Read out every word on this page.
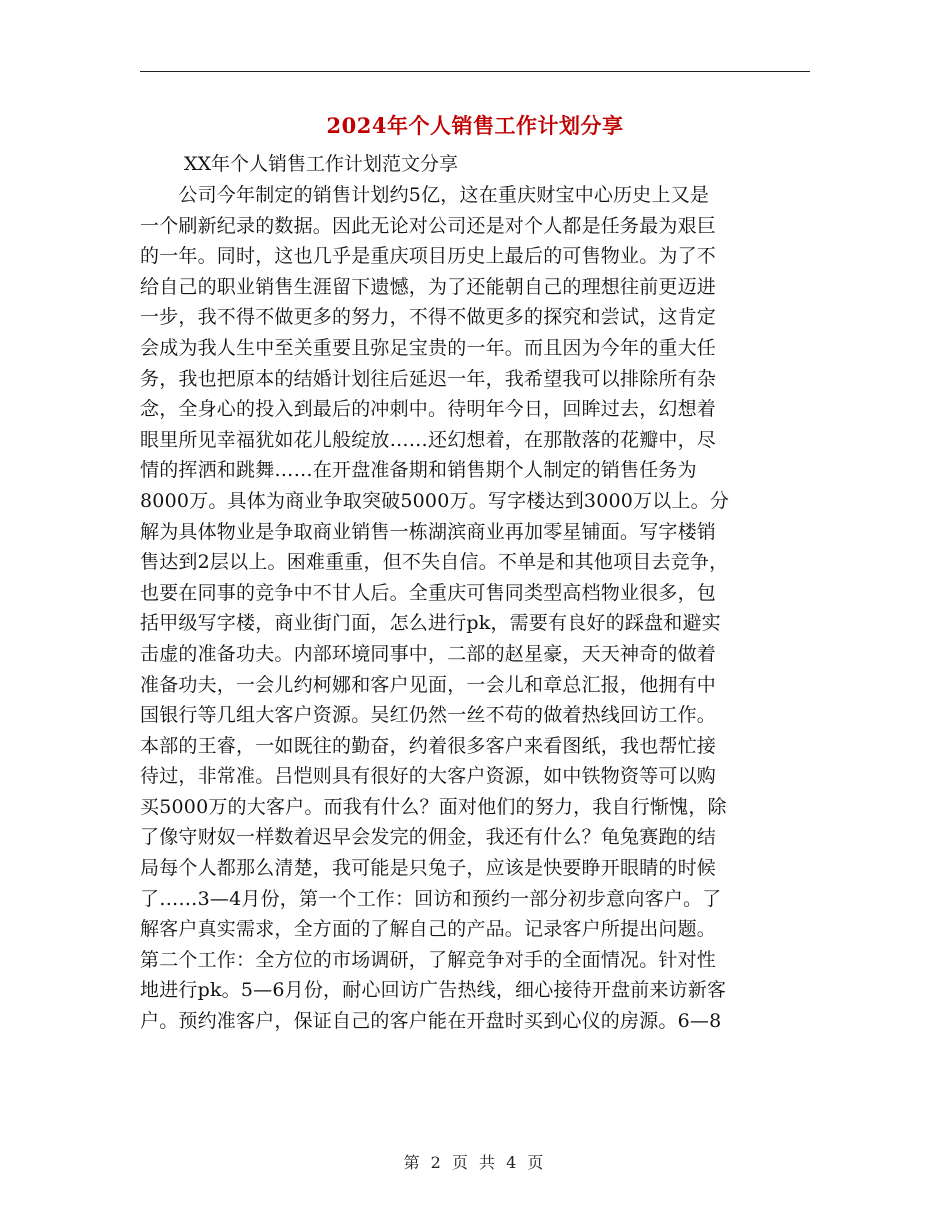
2024年个人销售工作计划分享
XX年个人销售工作计划范文分享
　　公司今年制定的销售计划约5亿，这在重庆财宝中心历史上又是
一个刷新纪录的数据。因此无论对公司还是对个人都是任务最为艰巨
的一年。同时，这也几乎是重庆项目历史上最后的可售物业。为了不
给自己的职业销售生涯留下遗憾，为了还能朝自己的理想往前更迈进
一步，我不得不做更多的努力，不得不做更多的探究和尝试，这肯定
会成为我人生中至关重要且弥足宝贵的一年。而且因为今年的重大任
务，我也把原本的结婚计划往后延迟一年，我希望我可以排除所有杂
念，全身心的投入到最后的冲刺中。待明年今日，回眸过去，幻想着
眼里所见幸福犹如花儿般绽放……还幻想着，在那散落的花瓣中，尽
情的挥洒和跳舞……在开盘准备期和销售期个人制定的销售任务为
8000万。具体为商业争取突破5000万。写字楼达到3000万以上。分
解为具体物业是争取商业销售一栋湖滨商业再加零星铺面。写字楼销
售达到2层以上。困难重重，但不失自信。不单是和其他项目去竞争，
也要在同事的竞争中不甘人后。全重庆可售同类型高档物业很多，包
括甲级写字楼，商业街门面，怎么进行pk，需要有良好的踩盘和避实
击虚的准备功夫。内部环境同事中，二部的赵星豪，天天神奇的做着
准备功夫，一会儿约柯娜和客户见面，一会儿和章总汇报，他拥有中
国银行等几组大客户资源。吴红仍然一丝不苟的做着热线回访工作。
本部的王睿，一如既往的勤奋，约着很多客户来看图纸，我也帮忙接
待过，非常准。吕恺则具有很好的大客户资源，如中铁物资等可以购
买5000万的大客户。而我有什么？面对他们的努力，我自行惭愧，除
了像守财奴一样数着迟早会发完的佣金，我还有什么？龟兔赛跑的结
局每个人都那么清楚，我可能是只兔子，应该是快要睁开眼睛的时候
了……3—4月份，第一个工作：回访和预约一部分初步意向客户。了
解客户真实需求，全方面的了解自己的产品。记录客户所提出问题。
第二个工作：全方位的市场调研，了解竞争对手的全面情况。针对性
地进行pk。5—6月份，耐心回访广告热线，细心接待开盘前来访新客
户。预约准客户，保证自己的客户能在开盘时买到心仪的房源。6—8
第 2 页 共 4 页
